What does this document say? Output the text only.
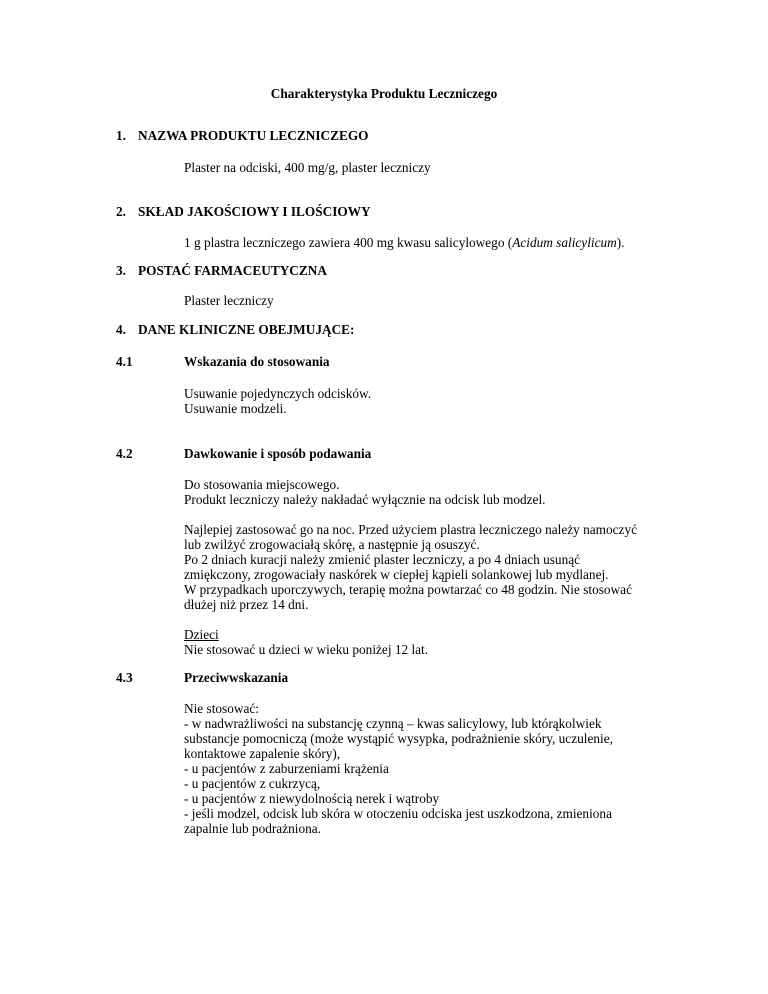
Charakterystyka Produktu Leczniczego
1. NAZWA PRODUKTU LECZNICZEGO
Plaster na odciski, 400 mg/g, plaster leczniczy
2. SKŁAD JAKOŚCIOWY I ILOŚCIOWY
1 g plastra leczniczego zawiera 400 mg kwasu salicylowego (Acidum salicylicum).
3. POSTAĆ FARMACEUTYCZNA
Plaster leczniczy
4. DANE KLINICZNE OBEJMUJĄCE:
4.1	Wskazania do stosowania
Usuwanie pojedynczych odcisków.
Usuwanie modzeli.
4.2	Dawkowanie i sposób podawania
Do stosowania miejscowego.
Produkt leczniczy należy nakładać wyłącznie na odcisk lub modzel.
Najlepiej zastosować go na noc. Przed użyciem plastra leczniczego należy namoczyć
lub zwilżyć zrogowaciałą skórę, a następnie ją osuszyć.
Po 2 dniach kuracji należy zmienić plaster leczniczy, a po 4 dniach usunąć
zmiękczony, zrogowaciały naskórek w ciepłej kąpieli solankowej lub mydlanej.
W przypadkach uporczywych, terapię można powtarzać co 48 godzin. Nie stosować
dłużej niż przez 14 dni.
Dzieci
Nie stosować u dzieci w wieku poniżej 12 lat.
4.3	Przeciwwskazania
Nie stosować:
- w nadwrażliwości na substancję czynną – kwas salicylowy, lub którąkolwiek
substancje pomocniczą (może wystąpić wysypka, podrażnienie skóry, uczulenie,
kontaktowe zapalenie skóry),
- u pacjentów z zaburzeniami krążenia
- u pacjentów z cukrzycą,
- u pacjentów z niewydolnością nerek i wątroby
- jeśli modzel, odcisk lub skóra w otoczeniu odciska jest uszkodzona, zmieniona
zapalnie lub podrażniona.
